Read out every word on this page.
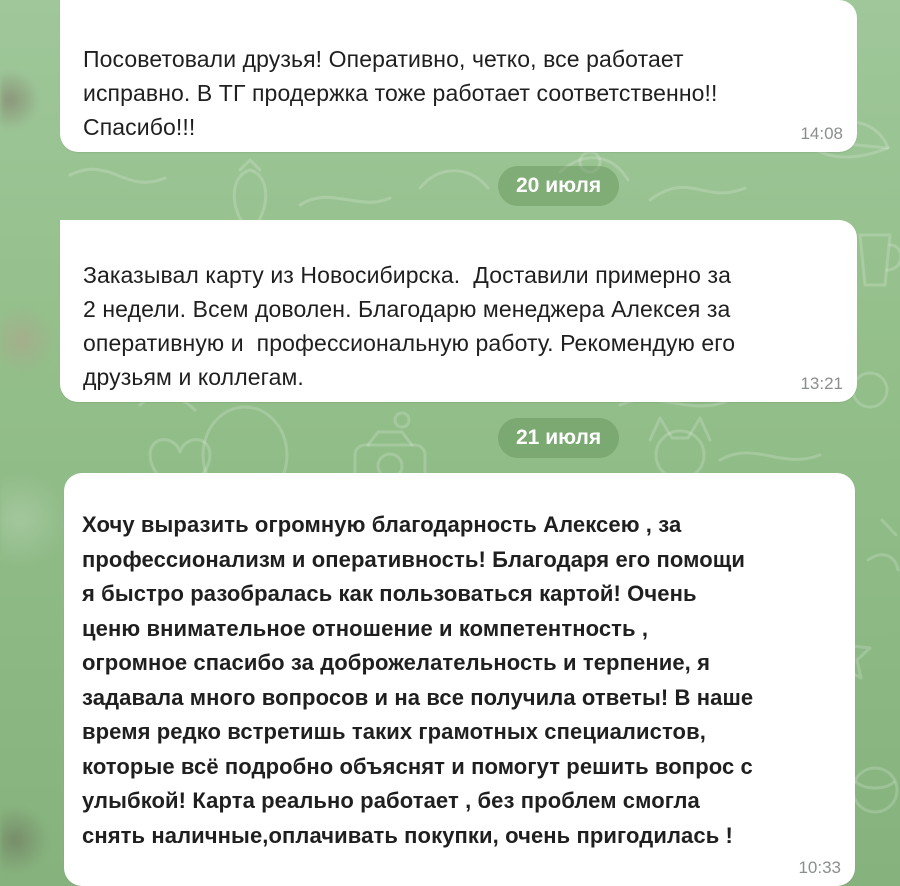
Посоветовали друзья! Оперативно, четко, все работает
исправно. В ТГ продержка тоже работает соответственно!!
Спасибо!!!	14:08
20 июля
Заказывал карту из Новосибирска.  Доставили примерно за
2 недели. Всем доволен. Благодарю менеджера Алексея за
оперативную и  профессиональную работу. Рекомендую его
друзьям и коллегам.	13:21
21 июля
Хочу выразить огромную благодарность Алексею , за
профессионализм и оперативность! Благодаря его помощи
я быстро разобралась как пользоваться картой! Очень
ценю внимательное отношение и компетентность ,
огромное спасибо за доброжелательность и терпение, я
задавала много вопросов и на все получила ответы! В наше
время редко встретишь таких грамотных специалистов,
которые всё подробно объяснят и помогут решить вопрос с
улыбкой! Карта реально работает , без проблем смогла
снять наличные,оплачивать покупки, очень пригодилась !
10:33
